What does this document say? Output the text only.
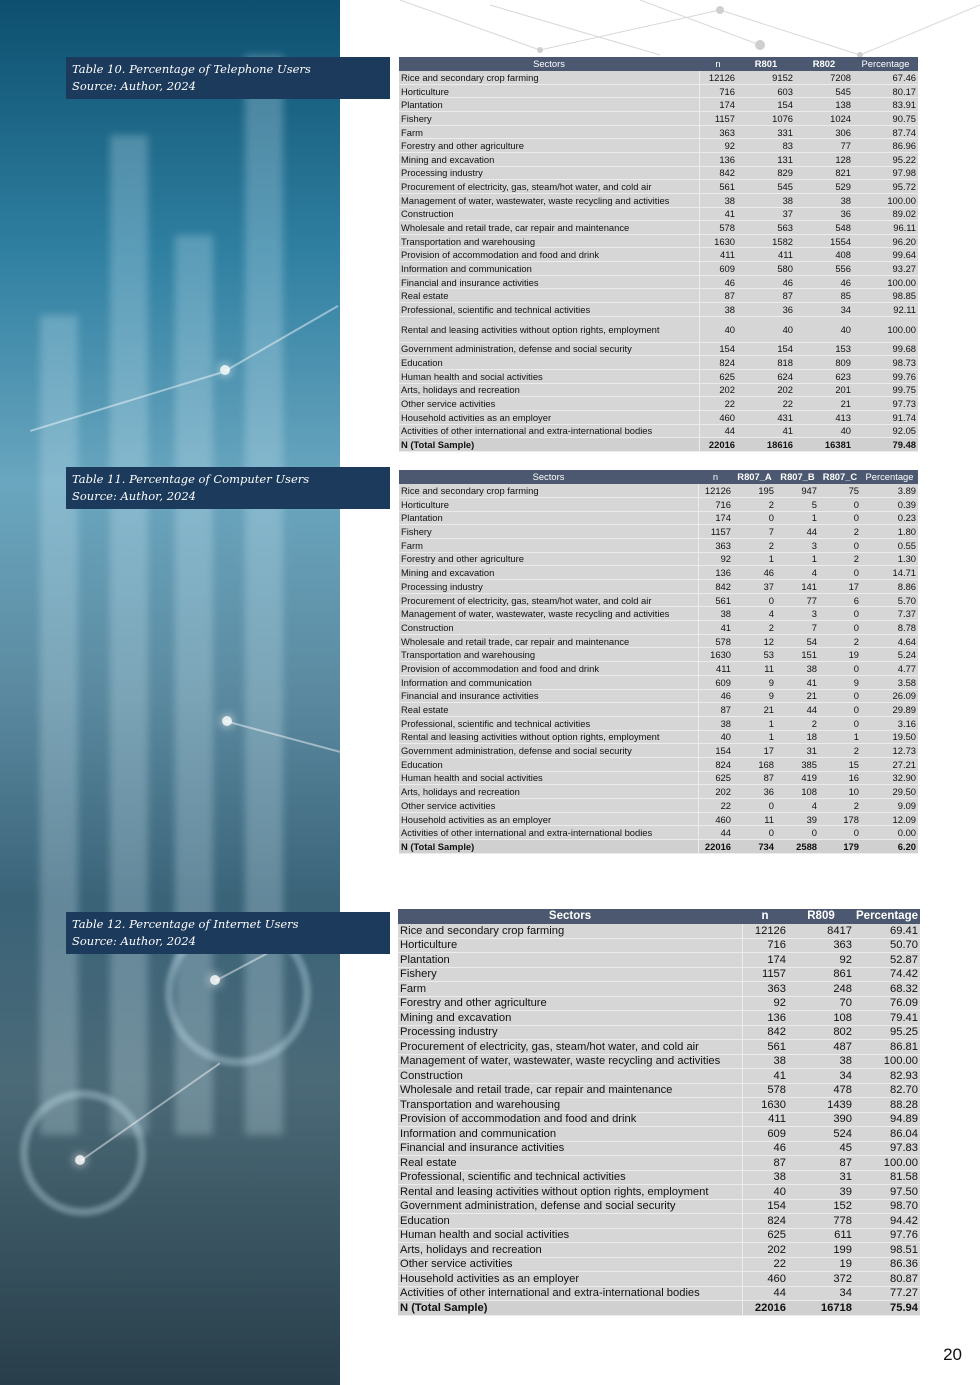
Table 10. Percentage of Telephone Users
Source: Author, 2024
Table 11. Percentage of Computer Users
Source: Author, 2024
Table 12. Percentage of Internet Users
Source: Author, 2024
Sectors	n	R801	R802	Percentage
Rice and secondary crop farming	12126	9152	7208	67.46
Horticulture	716	603	545	80.17
Plantation	174	154	138	83.91
Fishery	1157	1076	1024	90.75
Farm	363	331	306	87.74
Forestry and other agriculture	92	83	77	86.96
Mining and excavation	136	131	128	95.22
Processing industry	842	829	821	97.98
Procurement of electricity, gas, steam/hot water, and cold air	561	545	529	95.72
Management of water, wastewater, waste recycling and activities	38	38	38	100.00
Construction	41	37	36	89.02
Wholesale and retail trade, car repair and maintenance	578	563	548	96.11
Transportation and warehousing	1630	1582	1554	96.20
Provision of accommodation and food and drink	411	411	408	99.64
Information and communication	609	580	556	93.27
Financial and insurance activities	46	46	46	100.00
Real estate	87	87	85	98.85
Professional, scientific and technical activities	38	36	34	92.11
Rental and leasing activities without option rights, employment	40	40	40	100.00
Government administration, defense and social security	154	154	153	99.68
Education	824	818	809	98.73
Human health and social activities	625	624	623	99.76
Arts, holidays and recreation	202	202	201	99.75
Other service activities	22	22	21	97.73
Household activities as an employer	460	431	413	91.74
Activities of other international and extra-international bodies	44	41	40	92.05
N (Total Sample)	22016	18616	16381	79.48
Sectors	n	R807_A	R807_B	R807_C	Percentage
Rice and secondary crop farming	12126	195	947	75	3.89
Horticulture	716	2	5	0	0.39
Plantation	174	0	1	0	0.23
Fishery	1157	7	44	2	1.80
Farm	363	2	3	0	0.55
Forestry and other agriculture	92	1	1	2	1.30
Mining and excavation	136	46	4	0	14.71
Processing industry	842	37	141	17	8.86
Procurement of electricity, gas, steam/hot water, and cold air	561	0	77	6	5.70
Management of water, wastewater, waste recycling and activities	38	4	3	0	7.37
Construction	41	2	7	0	8.78
Wholesale and retail trade, car repair and maintenance	578	12	54	2	4.64
Transportation and warehousing	1630	53	151	19	5.24
Provision of accommodation and food and drink	411	11	38	0	4.77
Information and communication	609	9	41	9	3.58
Financial and insurance activities	46	9	21	0	26.09
Real estate	87	21	44	0	29.89
Professional, scientific and technical activities	38	1	2	0	3.16
Rental and leasing activities without option rights, employment	40	1	18	1	19.50
Government administration, defense and social security	154	17	31	2	12.73
Education	824	168	385	15	27.21
Human health and social activities	625	87	419	16	32.90
Arts, holidays and recreation	202	36	108	10	29.50
Other service activities	22	0	4	2	9.09
Household activities as an employer	460	11	39	178	12.09
Activities of other international and extra-international bodies	44	0	0	0	0.00
N (Total Sample)	22016	734	2588	179	6.20
Sectors	n	R809	Percentage
Rice and secondary crop farming	12126	8417	69.41
Horticulture	716	363	50.70
Plantation	174	92	52.87
Fishery	1157	861	74.42
Farm	363	248	68.32
Forestry and other agriculture	92	70	76.09
Mining and excavation	136	108	79.41
Processing industry	842	802	95.25
Procurement of electricity, gas, steam/hot water, and cold air	561	487	86.81
Management of water, wastewater, waste recycling and activities	38	38	100.00
Construction	41	34	82.93
Wholesale and retail trade, car repair and maintenance	578	478	82.70
Transportation and warehousing	1630	1439	88.28
Provision of accommodation and food and drink	411	390	94.89
Information and communication	609	524	86.04
Financial and insurance activities	46	45	97.83
Real estate	87	87	100.00
Professional, scientific and technical activities	38	31	81.58
Rental and leasing activities without option rights, employment	40	39	97.50
Government administration, defense and social security	154	152	98.70
Education	824	778	94.42
Human health and social activities	625	611	97.76
Arts, holidays and recreation	202	199	98.51
Other service activities	22	19	86.36
Household activities as an employer	460	372	80.87
Activities of other international and extra-international bodies	44	34	77.27
N (Total Sample)	22016	16718	75.94
20
